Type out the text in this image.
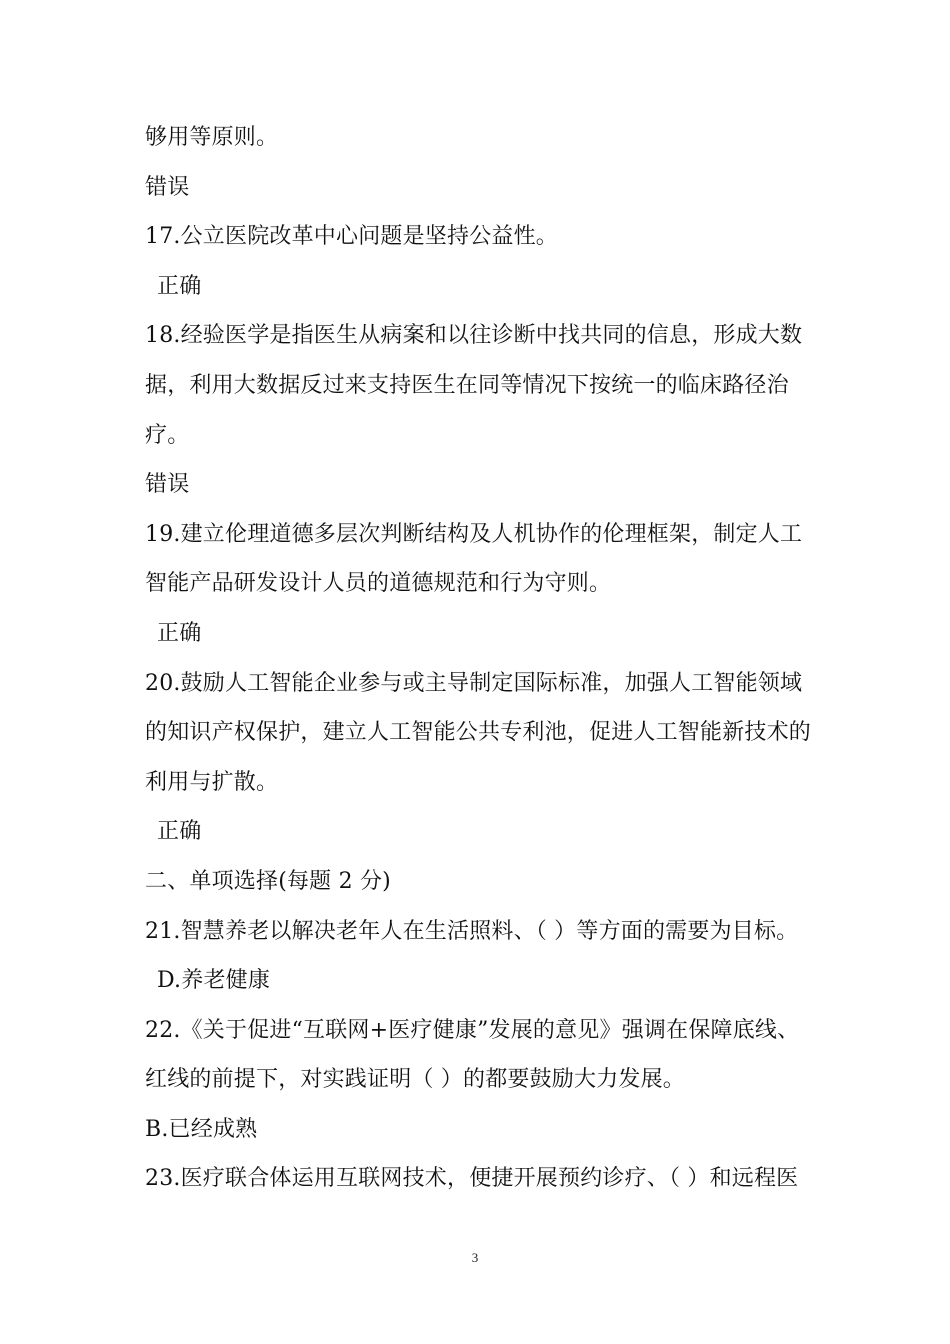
够用等原则。
错误
17.公立医院改革中心问题是坚持公益性。
正确
18.经验医学是指医生从病案和以往诊断中找共同的信息，形成大数
据，利用大数据反过来支持医生在同等情况下按统一的临床路径治
疗。
错误
19.建立伦理道德多层次判断结构及人机协作的伦理框架，制定人工
智能产品研发设计人员的道德规范和行为守则。
正确
20.鼓励人工智能企业参与或主导制定国际标准，加强人工智能领域
的知识产权保护，建立人工智能公共专利池，促进人工智能新技术的
利用与扩散。
正确
二、单项选择(每题 2 分)
21.智慧养老以解决老年人在生活照料、（ ）等方面的需要为目标。
D.养老健康
22.《关于促进“互联网+医疗健康”发展的意见》强调在保障底线、
红线的前提下，对实践证明（ ）的都要鼓励大力发展。
B.已经成熟
23.医疗联合体运用互联网技术，便捷开展预约诊疗、（ ）和远程医
3
